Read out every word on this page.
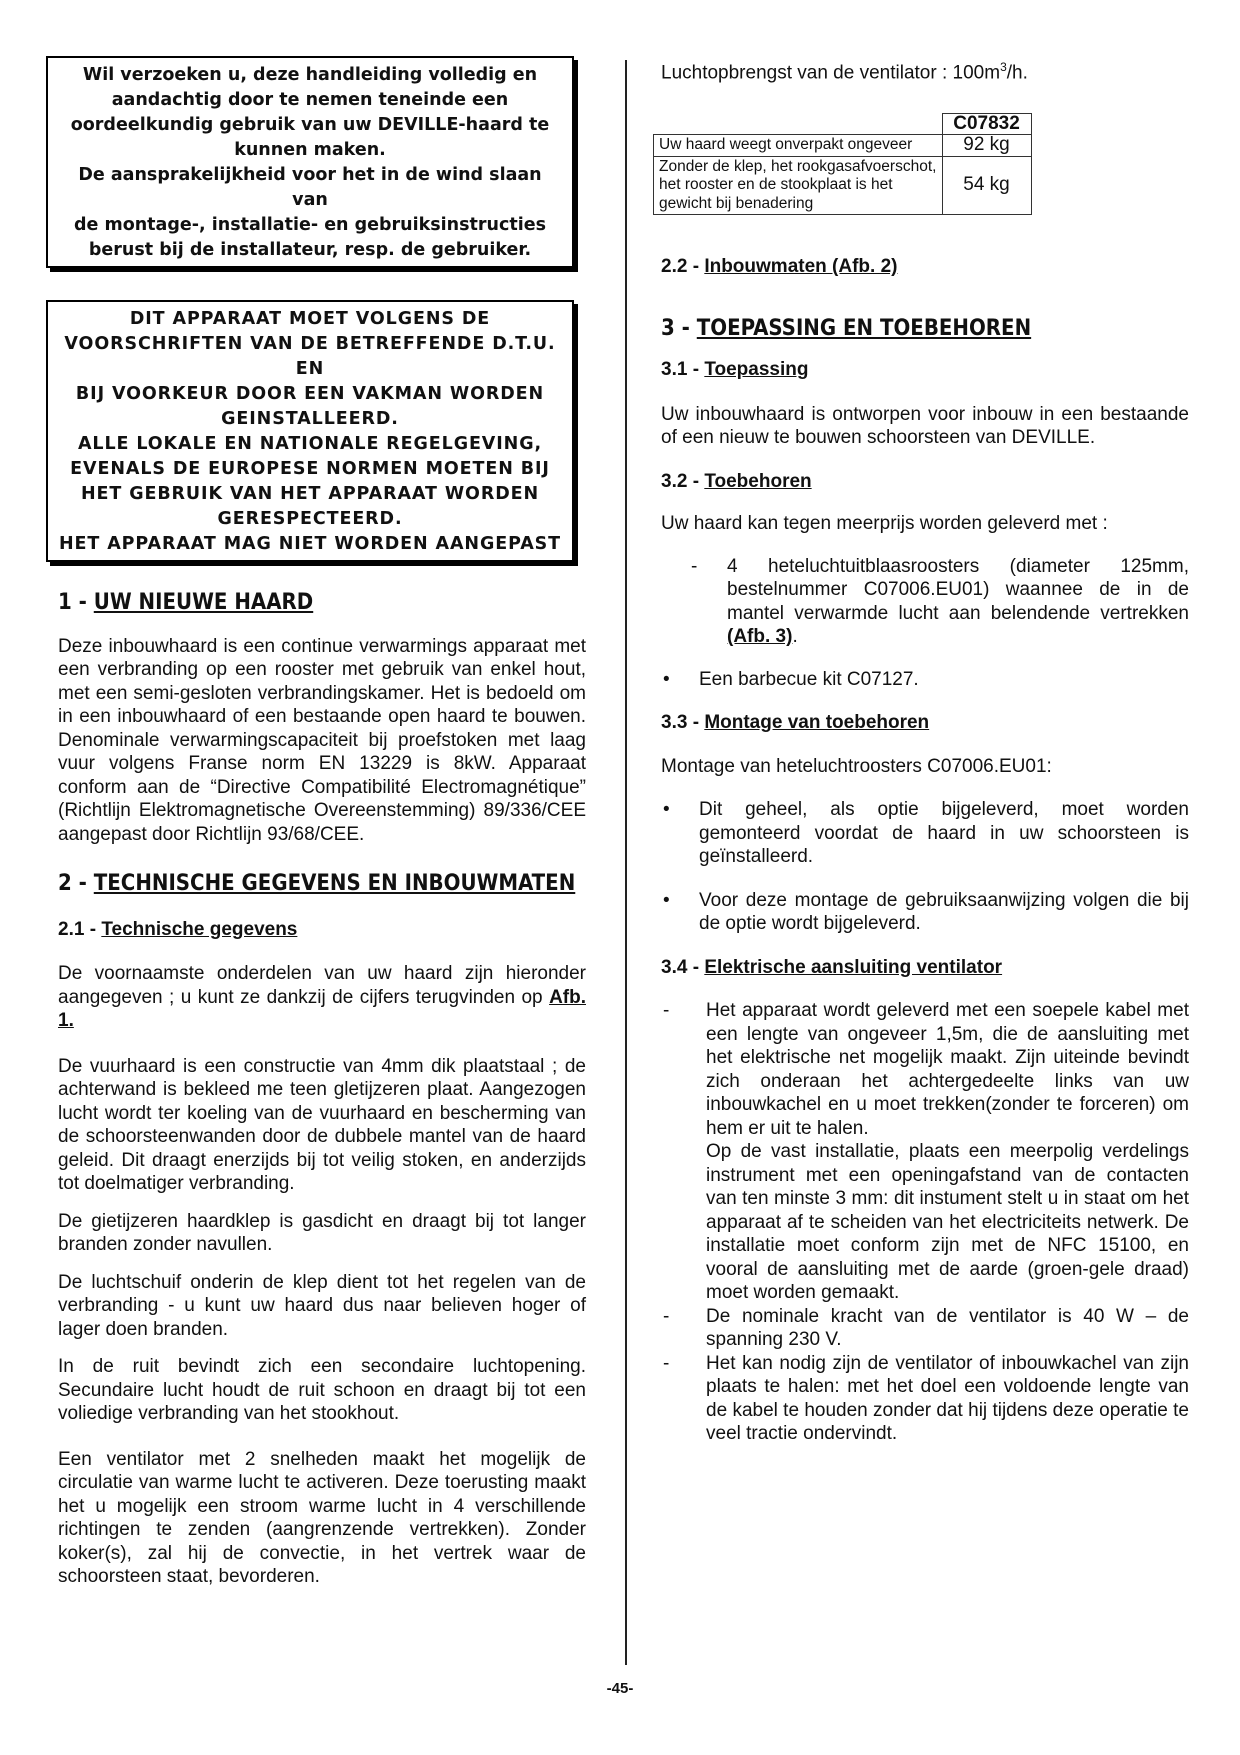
Wil verzoeken u, deze handleiding volledig en
aandachtig door te nemen teneinde een
oordeelkundig gebruik van uw DEVILLE-haard te
kunnen maken.
De aansprakelijkheid voor het in de wind slaan van
de montage-, installatie- en gebruiksinstructies
berust bij de installateur, resp. de gebruiker.
DIT APPARAAT MOET VOLGENS DE
VOORSCHRIFTEN VAN DE BETREFFENDE D.T.U. EN
BIJ VOORKEUR DOOR EEN VAKMAN WORDEN
GEINSTALLEERD.
ALLE LOKALE EN NATIONALE REGELGEVING,
EVENALS DE EUROPESE NORMEN MOETEN BIJ
HET GEBRUIK VAN HET APPARAAT WORDEN
GERESPECTEERD.
HET APPARAAT MAG NIET WORDEN AANGEPAST
1 - UW NIEUWE HAARD

Deze inbouwhaard is een continue verwarmings apparaat met een verbranding op een rooster met gebruik van enkel hout, met een semi-gesloten verbrandingskamer. Het is bedoeld om in een inbouwhaard of een bestaande open haard te bouwen. Denominale verwarmingscapaciteit bij proefstoken met laag vuur volgens Franse norm EN 13229 is 8kW. Apparaat conform aan de “Directive Compatibilité Electromagnétique” (Richtlijn Elektromagnetische Overeenstemming) 89/336/CEE aangepast door Richtlijn 93/68/CEE.

2 - TECHNISCHE GEGEVENS EN INBOUWMATEN
2.1 - Technische gegevens

De voornaamste onderdelen van uw haard zijn hieronder aangegeven ; u kunt ze dankzij de cijfers terugvinden op Afb. 1.

De vuurhaard is een constructie van 4mm dik plaatstaal ; de achterwand is bekleed me teen gletijzeren plaat. Aangezogen lucht wordt ter koeling van de vuurhaard en bescherming van de schoorsteenwanden door de dubbele mantel van de haard geleid. Dit draagt enerzijds bij tot veilig stoken, en anderzijds tot doelmatiger verbranding.

De gietijzeren haardklep is gasdicht en draagt bij tot langer branden zonder navullen.

De luchtschuif onderin de klep dient tot het regelen van de verbranding - u kunt uw haard dus naar believen hoger of lager doen branden.

In de ruit bevindt zich een secondaire luchtopening. Secundaire lucht houdt de ruit schoon en draagt bij tot een voliedige verbranding van het stookhout.

Een ventilator met 2 snelheden maakt het mogelijk de circulatie van warme lucht te activeren. Deze toerusting maakt het u mogelijk een stroom warme lucht in 4 verschillende richtingen te zenden (aangrenzende vertrekken). Zonder koker(s), zal hij de convectie, in het vertrek waar de schoorsteen staat, bevorderen.

Luchtopbrengst van de ventilator : $100m^3/h$.

	C07832
Uw haard weegt onverpakt ongeveer	92 kg
Zonder de klep, het rookgasafvoerschot, het rooster en de stookplaat is het gewicht bij benadering	54 kg
2.2 - Inbouwmaten (Afb. 2)
3 - TOEPASSING EN TOEBEHOREN
3.1 - Toepassing

Uw inbouwhaard is ontworpen voor inbouw in een bestaande of een nieuw te bouwen schoorsteen van DEVILLE.

3.2 - Toebehoren

Uw haard kan tegen meerprijs worden geleverd met :

- 4 heteluchtuitblaasroosters (diameter 125mm, bestelnummer C07006.EU01) waannee de in de mantel verwarmde lucht aan belendende vertrekken (Afb. 3).

• Een barbecue kit C07127.

3.3 - Montage van toebehoren

Montage van heteluchtroosters C07006.EU01:

• Dit geheel, als optie bijgeleverd, moet worden gemonteerd voordat de haard in uw schoorsteen is geïnstalleerd.

• Voor deze montage de gebruiksaanwijzing volgen die bij de optie wordt bijgeleverd.

3.4 - Elektrische aansluiting ventilator
- Het apparaat wordt geleverd met een soepele kabel met een lengte van ongeveer 1,5m, die de aansluiting met het elektrische net mogelijk maakt. Zijn uiteinde bevindt zich onderaan het achtergedeelte links van uw inbouwkachel en u moet trekken(zonder te forceren) om hem er uit te halen.

Op de vast installatie, plaats een meerpolig verdelings instrument met een openingafstand van de contacten van ten minste 3 mm: dit instument stelt u in staat om het apparaat af te scheiden van het electriciteits netwerk. De installatie moet conform zijn met de NFC 15100, en vooral de aansluiting met de aarde (groen-gele draad) moet worden gemaakt.

- De nominale kracht van de ventilator is 40 W – de spanning 230 V.

- Het kan nodig zijn de ventilator of inbouwkachel van zijn plaats te halen: met het doel een voldoende lengte van de kabel te houden zonder dat hij tijdens deze operatie te veel tractie ondervindt.

-45-
